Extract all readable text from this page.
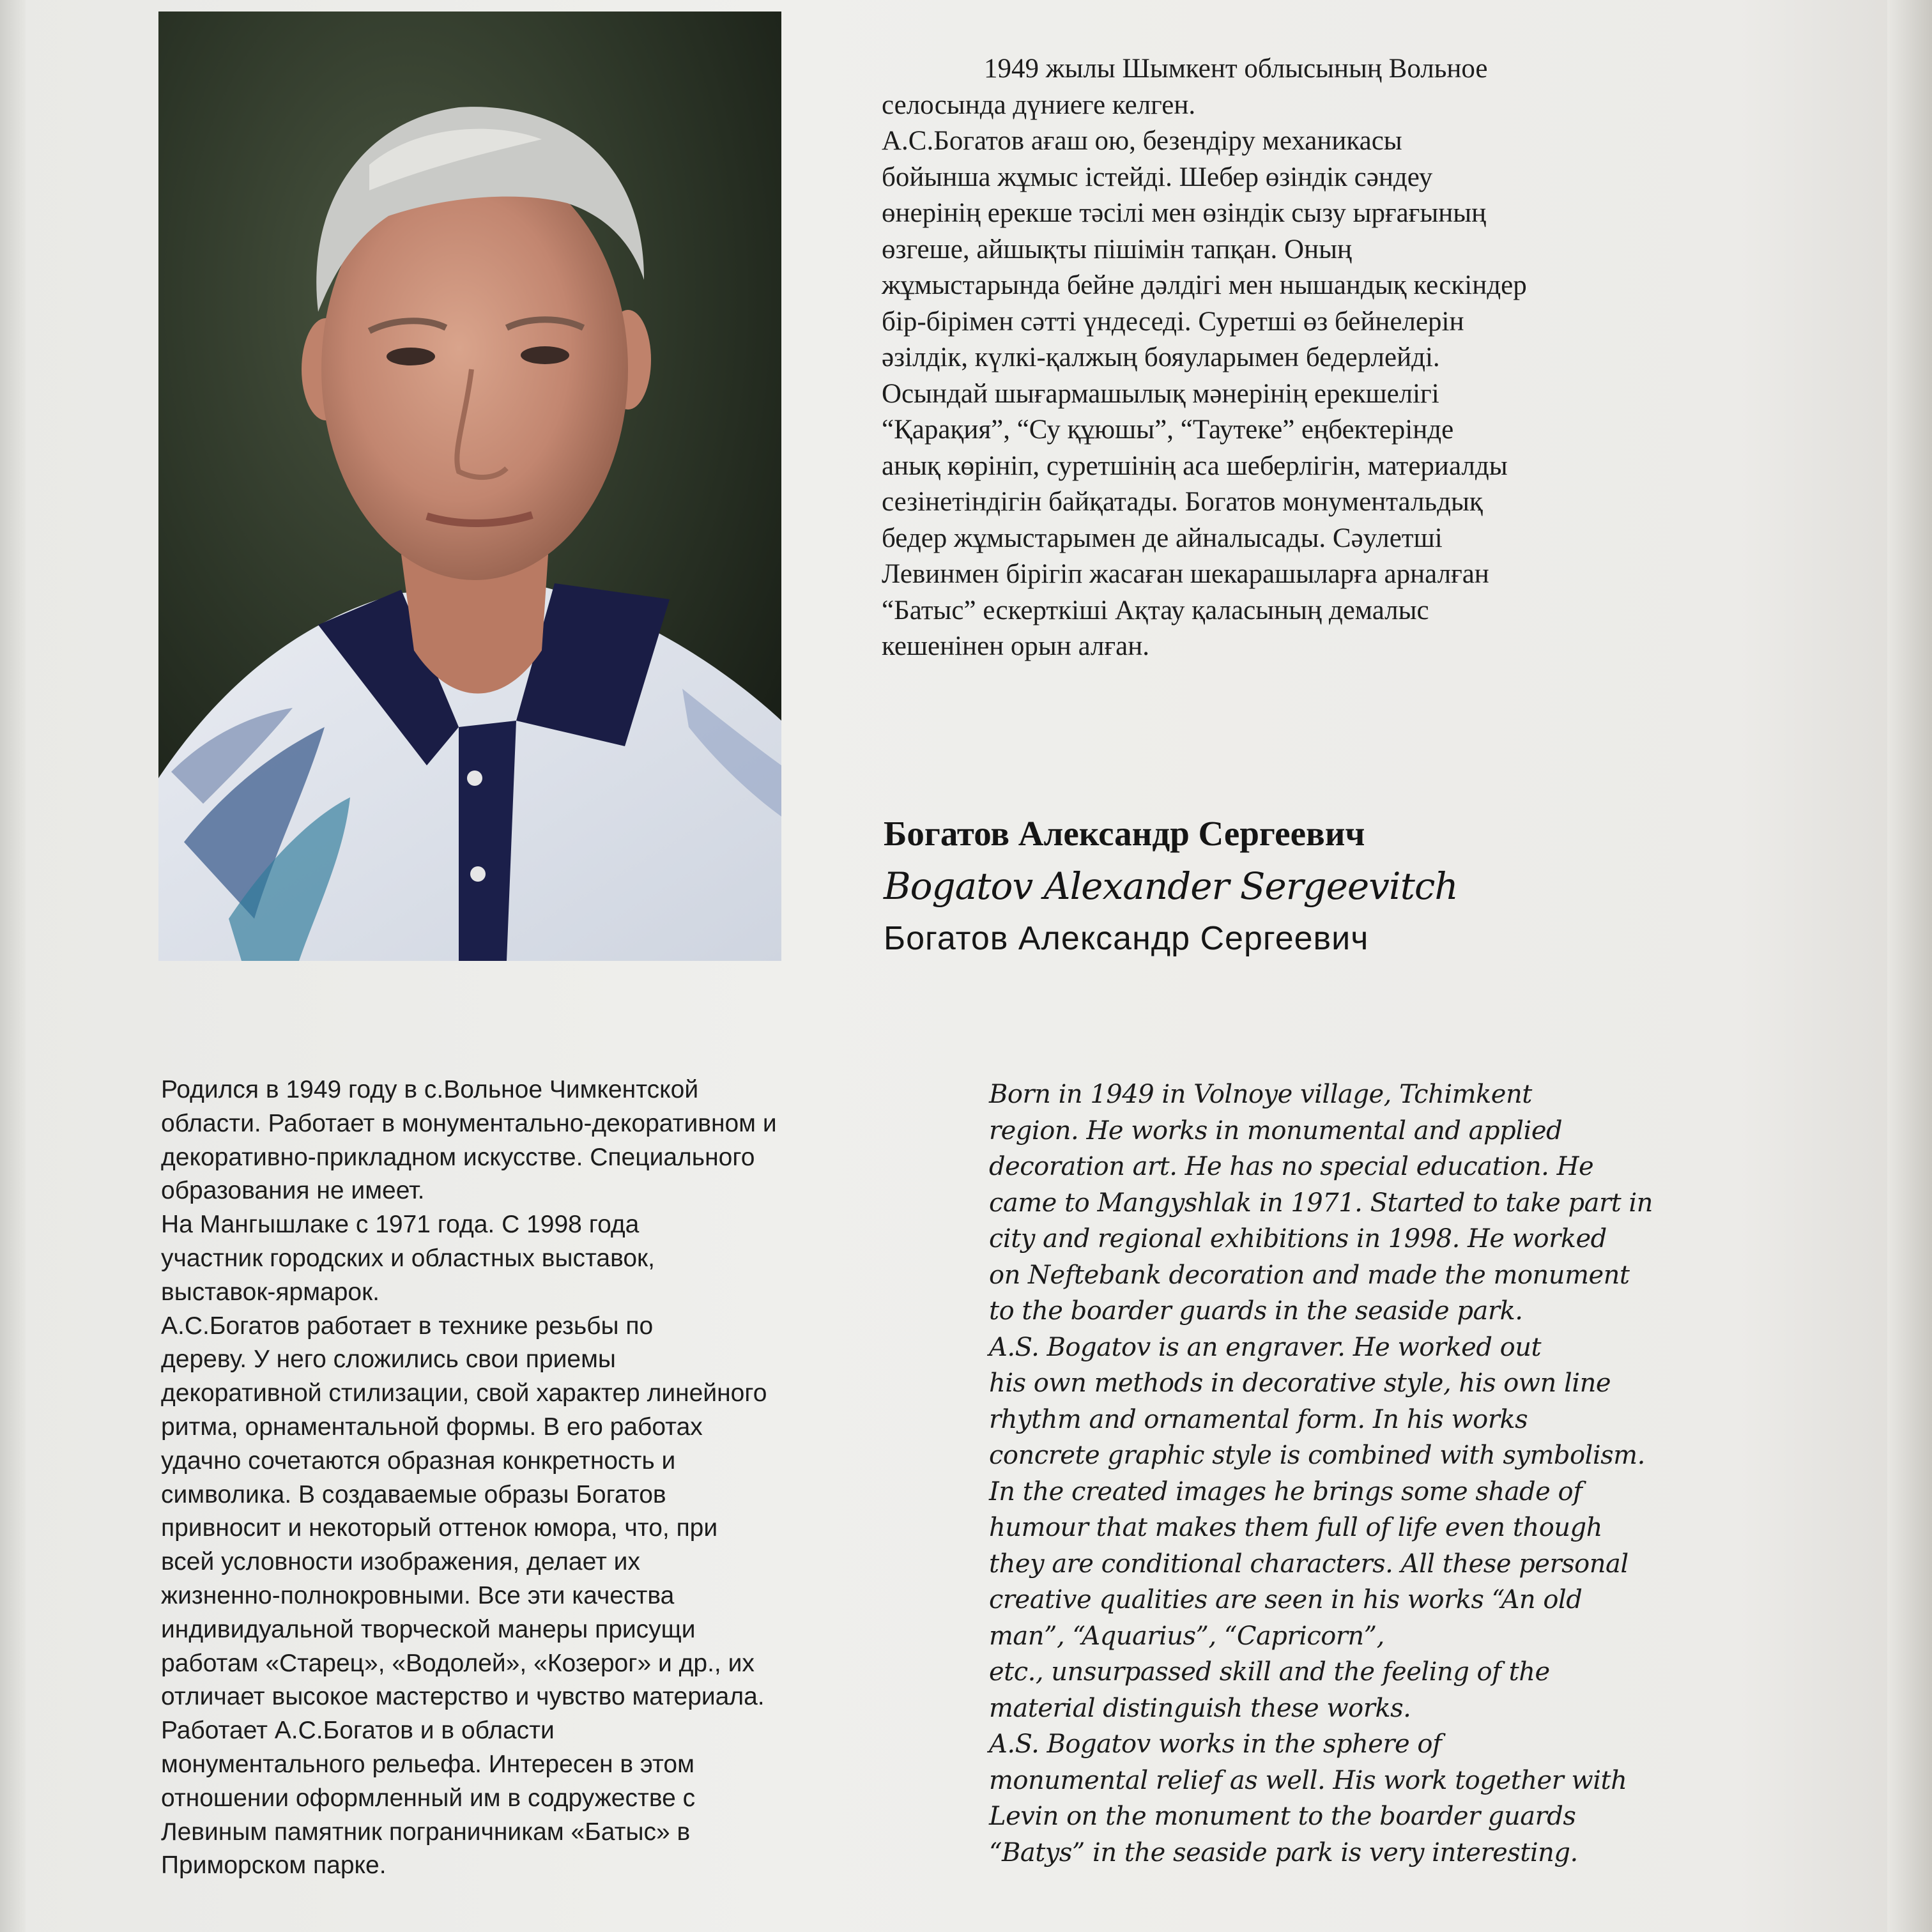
1949 жылы Шымкент облысының Вольное
селосында дүниеге келген.
А.С.Богатов ағаш ою, безендіру механикасы
бойынша жұмыс істейді. Шебер өзіндік сәндеу
өнерінің ерекше тәсілі мен өзіндік сызу ырғағының
өзгеше, айшықты пішімін тапқан. Оның
жұмыстарында бейне дәлдігі мен нышандық кескіндер
бір-бірімен сәтті үндеседі. Суретші өз бейнелерін
әзілдік, күлкі-қалжың бояуларымен бедерлейді.
Осындай шығармашылық мәнерінің ерекшелігі
“Қарақия”, “Су құюшы”, “Таутеке” еңбектерінде
анық көрініп, суретшінің аса шеберлігін, материалды
сезінетіндігін байқатады. Богатов монументальдық
бедер жұмыстарымен де айналысады. Сәулетші
Левинмен бірігіп жасаған шекарашыларға арналған
“Батыс” ескерткіші Ақтау қаласының демалыс
кешенінен орын алған.

Богатов Александр Сергеевич

Bogatov Alexander Sergeevitch

Богатов Александр Сергеевич

Родился в 1949 году в с.Вольное Чимкентской
области. Работает в монументально-декоративном и
декоративно-прикладном искусстве. Специального
образования не имеет.
На Мангышлаке с 1971 года. С 1998 года
участник городских и областных выставок,
выставок-ярмарок.
А.С.Богатов работает в технике резьбы по
дереву. У него сложились свои приемы
декоративной стилизации, свой характер линейного
ритма, орнаментальной формы. В его работах
удачно сочетаются образная конкретность и
символика. В создаваемые образы Богатов
привносит и некоторый оттенок юмора, что, при
всей условности изображения, делает их
жизненно-полнокровными. Все эти качества
индивидуальной творческой манеры присущи
работам «Старец», «Водолей», «Козерог» и др., их
отличает высокое мастерство и чувство материала.
Работает А.С.Богатов и в области
монументального рельефа. Интересен в этом
отношении оформленный им в содружестве с
Левиным памятник пограничникам «Батыс» в
Приморском парке.

Born in 1949 in Volnoye village, Tchimkent
region. He works in monumental and applied
decoration art. He has no special education. He
came to Mangyshlak in 1971. Started to take part in
city and regional exhibitions in 1998. He worked
on Neftebank decoration and made the monument
to the boarder guards in the seaside park.
A.S. Bogatov is an engraver. He worked out
his own methods in decorative style, his own line
rhythm and ornamental form. In his works
concrete graphic style is combined with symbolism.
In the created images he brings some shade of
humour that makes them full of life even though
they are conditional characters. All these personal
creative qualities are seen in his works “An old
man”, “Aquarius”, “Capricorn”,
etc., unsurpassed skill and the feeling of the
material distinguish these works.
A.S. Bogatov works in the sphere of
monumental relief as well. His work together with
Levin on the monument to the boarder guards
“Batys” in the seaside park is very interesting.
